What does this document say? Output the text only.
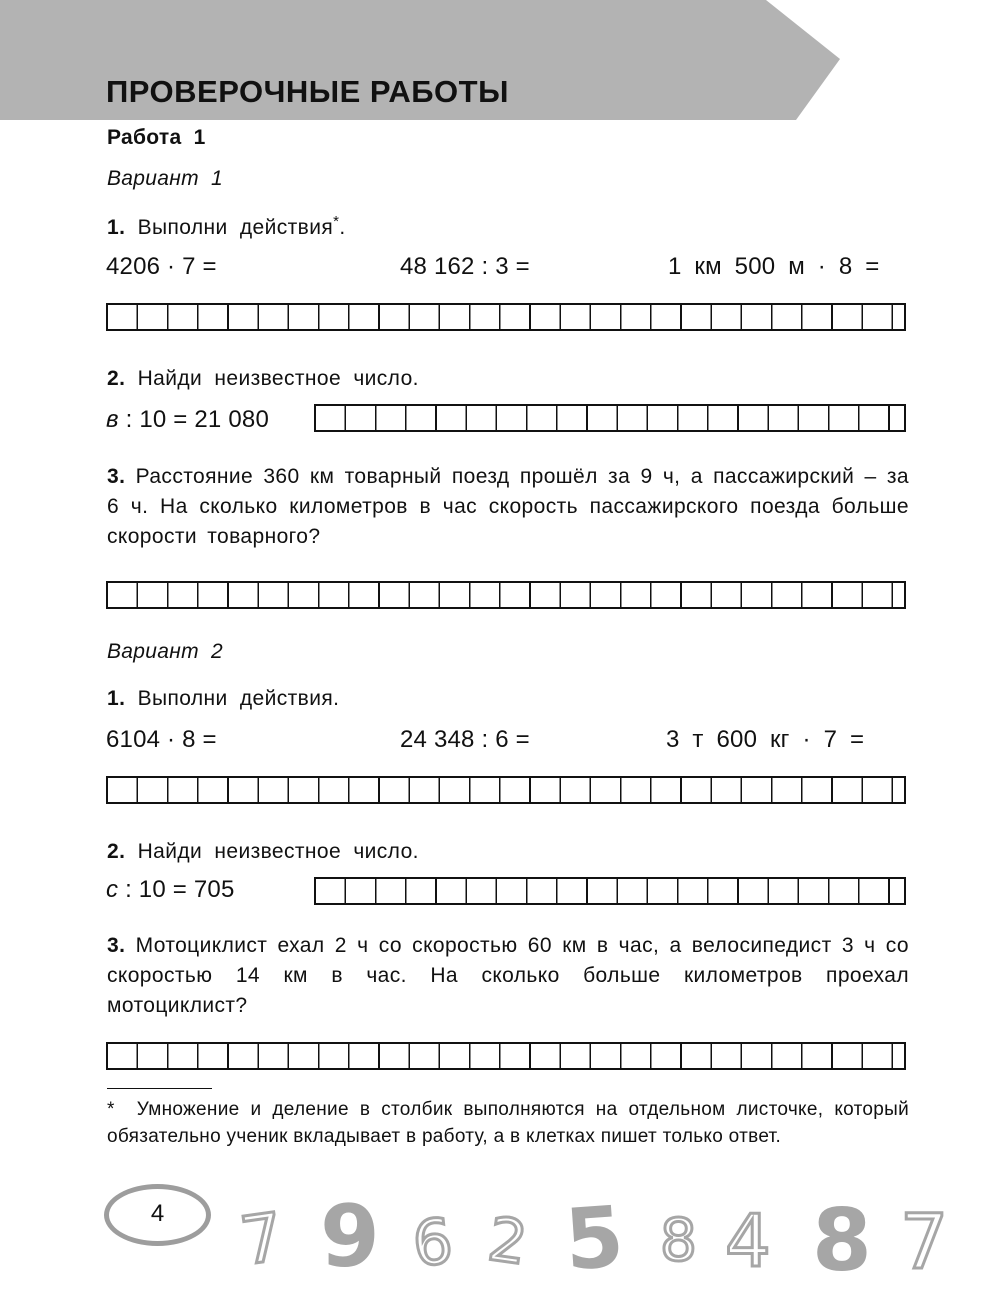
ПРОВЕРОЧНЫЕ РАБОТЫ
Работа 1
Вариант 1
1. Выполни действия*.
4206 · 7 =	48 162 : 3 =	1 км 500 м · 8 =
2. Найди неизвестное число.
в : 10 = 21 080
3. Расстояние 360 км товарный поезд прошёл за 9 ч, а пассажирский – за 6 ч. На сколько километров в час скорость пассажирского поезда больше скорости товарного?
Вариант 2
1. Выполни действия.
6104 · 8 =	24 348 : 6 =	3 т 600 кг · 7 =
2. Найди неизвестное число.
с : 10 = 705
3. Мотоциклист ехал 2 ч со скоростью 60 км в час, а велосипедист 3 ч со скоростью 14 км в час. На сколько больше километров проехал мотоциклист?
* Умножение и деление в столбик выполняются на отдельном листочке, который обязательно ученик вкладывает в работу, а в клетках пишет только ответ.
4	7 9 6 2 5 8 4 8 7
